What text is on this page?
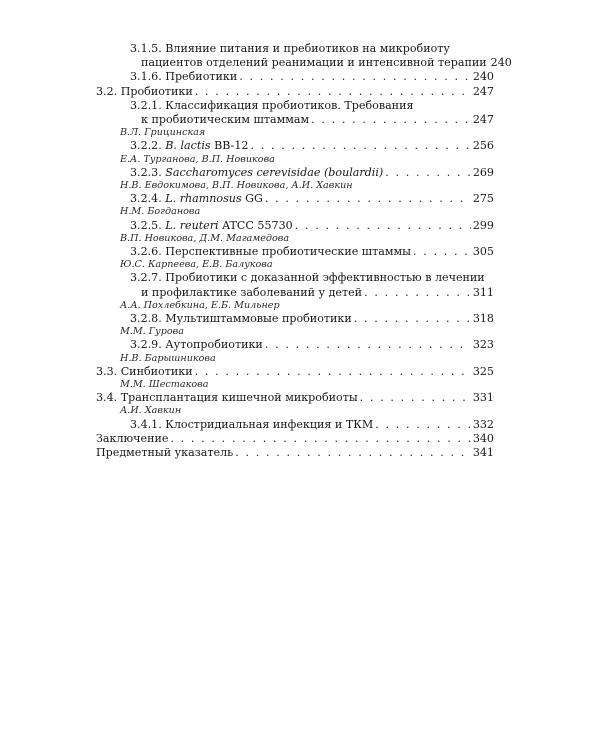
3.1.5. Влияние питания и пребиотиков на микробиоту
пациентов отделений реанимации и интенсивной терапии 240
3.1.6. Пребиотики . . .	240
3.2. Пробиотики . . .	247
3.2.1. Классификация пробиотиков. Требования
к пробиотическим штаммам . . .	247
В.Л. Грицинская
3.2.2. B. lactis BB-12 . . .	256
Е.А. Турганова, В.П. Новикова
3.2.3. Saccharomyces cerevisidae (boulardii) . . .	269
Н.В. Евдокимова, В.П. Новикова, А.И. Хавкин
3.2.4. L. rhamnosus GG . . .	275
Н.М. Богданова
3.2.5. L. reuteri ATCC 55730 . . .	299
В.П. Новикова, Д.М. Магамедова
3.2.6. Перспективные пробиотические штаммы . . .	305
Ю.С. Карпеева, Е.В. Балукова
3.2.7. Пробиотики с доказанной эффективностью в лечении
и профилактике заболеваний у детей . . .	311
А.А. Похлебкина, Е.Б. Мильнер
3.2.8. Мультиштаммовые пробиотики . . .	318
М.М. Гурова
3.2.9. Аутопробиотики . . .	323
Н.В. Барышникова
3.3. Синбиотики . . .	325
М.М. Шестакова
3.4. Трансплантация кишечной микробиоты . . .	331
А.И. Хавкин
3.4.1. Клостридиальная инфекция и ТКМ . . .	332
Заключение . . .	340
Предметный указатель . . .	341
